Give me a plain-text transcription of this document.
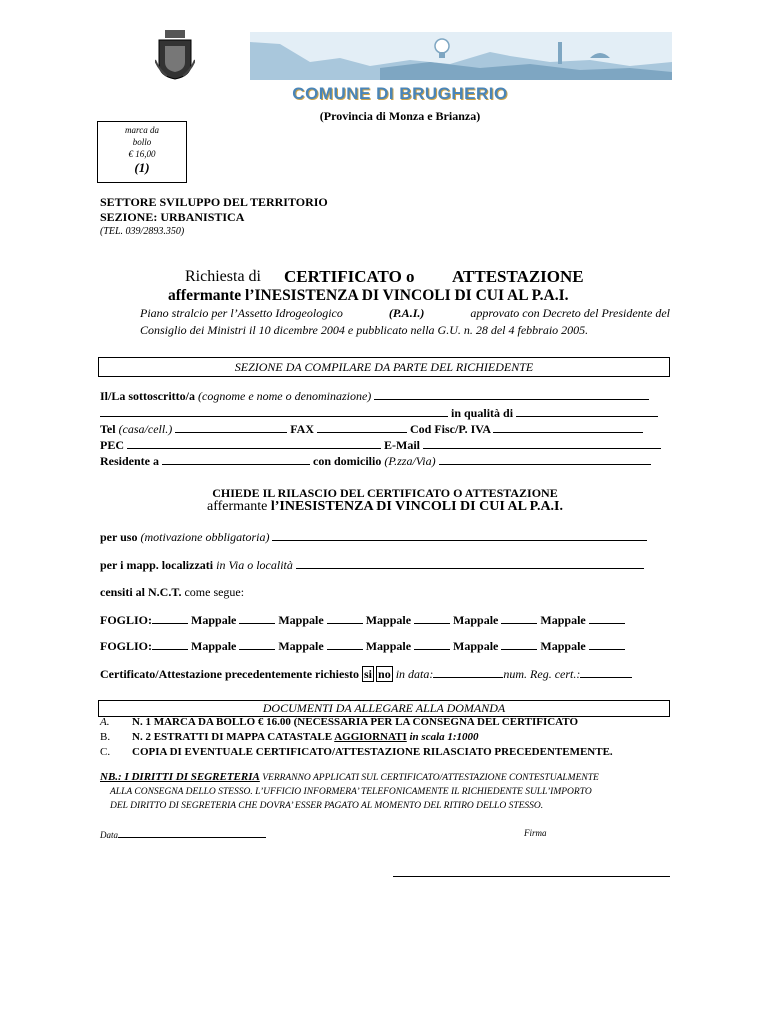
COMUNE DI BRUGHERIO
(Provincia di Monza e Brianza)
marca da
bollo
€ 16,00
(1)
SETTORE SVILUPPO DEL TERRITORIO
SEZIONE: URBANISTICA
(TEL. 039/2893.350)
Richiesta di CERTIFICATO o ATTESTAZIONE
affermante l’INESISTENZA DI VINCOLI DI CUI AL P.A.I.
Piano stralcio per l’Assetto Idrogeologico	(P.A.I.)	approvato con Decreto del Presidente del
Consiglio dei Ministri il 10 dicembre 2004 e pubblicato nella G.U. n. 28 del 4 febbraio 2005.
SEZIONE DA COMPILARE DA PARTE DEL RICHIEDENTE
Il/La sottoscritto/a (cognome e nome o denominazione)
in qualità di
Tel (casa/cell.)	FAX	Cod Fisc/P. IVA
PEC	E-Mail
Residente a	con domicilio (P.zza/Via)
CHIEDE IL RILASCIO DEL CERTIFICATO O ATTESTAZIONE
affermante l’INESISTENZA DI VINCOLI DI CUI AL P.A.I.
per uso (motivazione obbligatoria)
per i mapp. localizzati in Via o località
censiti al N.C.T. come segue:
FOGLIO:	Mappale	Mappale	Mappale	Mappale	Mappale
FOGLIO:	Mappale	Mappale	Mappale	Mappale	Mappale
Certificato/Attestazione precedentemente richiesto si no in data:	num. Reg. cert.:
DOCUMENTI DA ALLEGARE ALLA DOMANDA
A. N. 1 MARCA DA BOLLO € 16.00 (NECESSARIA PER LA CONSEGNA DEL CERTIFICATO
B. N. 2 ESTRATTI DI MAPPA CATASTALE AGGIORNATI in scala 1:1000
C. COPIA DI EVENTUALE CERTIFICATO/ATTESTAZIONE RILASCIATO PRECEDENTEMENTE.
NB.: I DIRITTI DI SEGRETERIA VERRANNO APPLICATI SUL CERTIFICATO/ATTESTAZIONE CONTESTUALMENTE
ALLA CONSEGNA DELLO STESSO. L’UFFICIO INFORMERA’ TELEFONICAMENTE IL RICHIEDENTE SULL’IMPORTO
DEL DIRITTO DI SEGRETERIA CHE DOVRA’ ESSER PAGATO AL MOMENTO DEL RITIRO DELLO STESSO.
Data	Firma
